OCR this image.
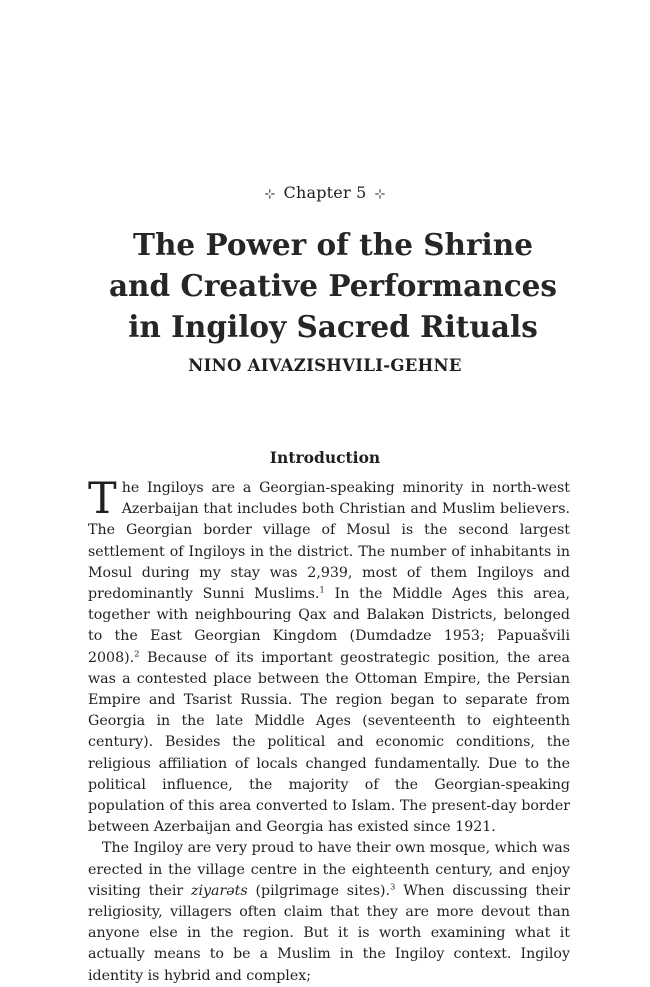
⊹ Chapter 5 ⊹
The Power of the Shrine and Creative Performances in Ingiloy Sacred Rituals
NINO AIVAZISHVILI-GEHNE
Introduction

The Ingiloys are a Georgian-speaking minority in north-west Azerbaijan that includes both Christian and Muslim believers. The Georgian border village of Mosul is the second largest settlement of Ingiloys in the district. The number of inhabitants in Mosul during my stay was 2,939, most of them Ingiloys and predominantly Sunni Muslims.$^1$ In the Middle Ages this area, together with neighbouring Qax and Balakən Districts, belonged to the East Georgian Kingdom (Dumdadze 1953; Papuašvili 2008).$^2$ Because of its important geostrategic position, the area was a contested place between the Ottoman Empire, the Persian Empire and Tsarist Russia. The region began to separate from Georgia in the late Middle Ages (seventeenth to eighteenth century). Besides the political and economic conditions, the religious affiliation of locals changed fundamentally. Due to the political influence, the majority of the Georgian-speaking population of this area converted to Islam. The present-day border between Azerbaijan and Georgia has existed since 1921.

The Ingiloy are very proud to have their own mosque, which was erected in the village centre in the eighteenth century, and enjoy visiting their ziyarəts (pilgrimage sites).$^3$ When discussing their religiosity, villagers often claim that they are more devout than anyone else in the region. But it is worth examining what it actually means to be a Muslim in the Ingiloy context. Ingiloy identity is hybrid and complex;
